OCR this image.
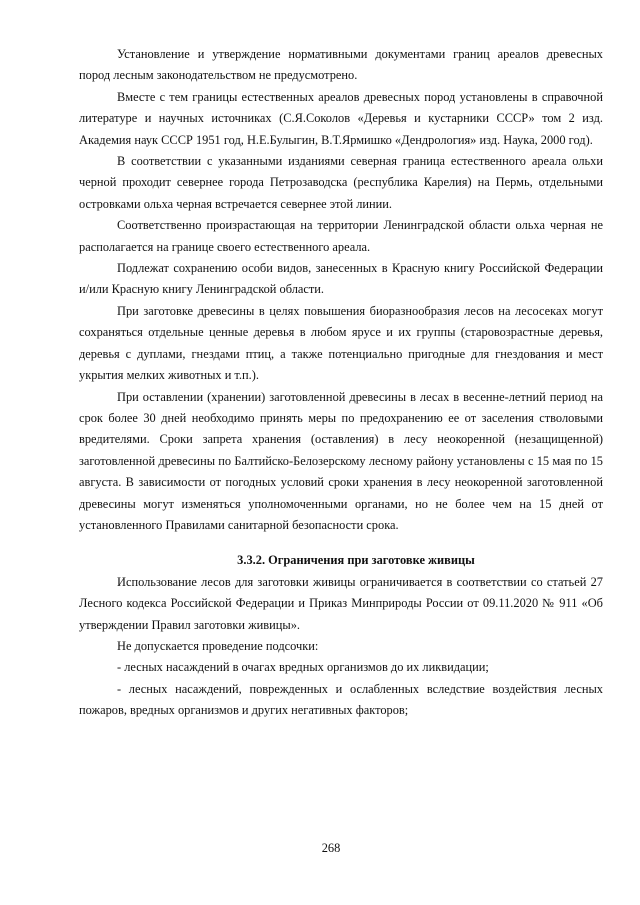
Установление и утверждение нормативными документами границ ареалов древесных пород лесным законодательством не предусмотрено.

Вместе с тем границы естественных ареалов древесных пород установлены в справочной литературе и научных источниках (С.Я.Соколов «Деревья и кустарники СССР» том 2 изд. Академия наук СССР 1951 год, Н.Е.Булыгин, В.Т.Ярмишко «Дендрология» изд. Наука, 2000 год).

В соответствии с указанными изданиями северная граница естественного ареала ольхи черной проходит севернее города Петрозаводска (республика Карелия) на Пермь, отдельными островками ольха черная встречается севернее этой линии.

Соответственно произрастающая на территории Ленинградской области ольха черная не располагается на границе своего естественного ареала.

Подлежат сохранению особи видов, занесенных в Красную книгу Российской Федерации и/или Красную книгу Ленинградской области.

При заготовке древесины в целях повышения биоразнообразия лесов на лесосеках могут сохраняться отдельные ценные деревья в любом ярусе и их группы (старовозрастные деревья, деревья с дуплами, гнездами птиц, а также потенциально пригодные для гнездования и мест укрытия мелких животных и т.п.).

При оставлении (хранении) заготовленной древесины в лесах в весенне-летний период на срок более 30 дней необходимо принять меры по предохранению ее от заселения стволовыми вредителями. Сроки запрета хранения (оставления) в лесу неокоренной (незащищенной) заготовленной древесины по Балтийско-Белозерскому лесному району установлены с 15 мая по 15 августа. В зависимости от погодных условий сроки хранения в лесу неокоренной заготовленной древесины могут изменяться уполномоченными органами, но не более чем на 15 дней от установленного Правилами санитарной безопасности срока.

3.3.2. Ограничения при заготовке живицы

Использование лесов для заготовки живицы ограничивается в соответствии со статьей 27 Лесного кодекса Российской Федерации и Приказ Минприроды России от 09.11.2020 № 911 «Об утверждении Правил заготовки живицы».

Не допускается проведение подсочки:

- лесных насаждений в очагах вредных организмов до их ликвидации;

- лесных насаждений, поврежденных и ослабленных вследствие воздействия лесных пожаров, вредных организмов и других негативных факторов;

268
